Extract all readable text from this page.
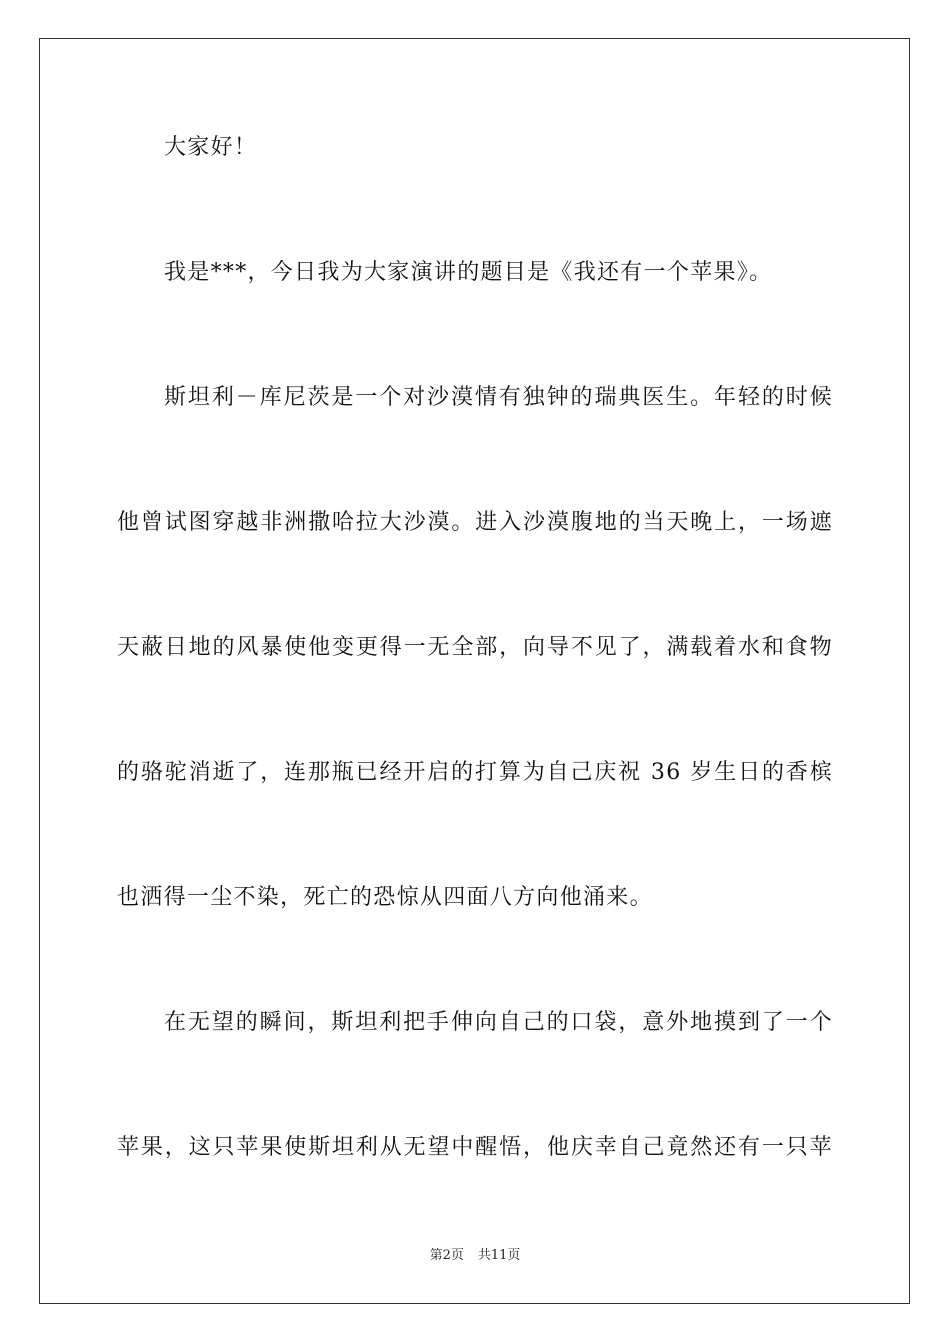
大家好！
我是***，今日我为大家演讲的题目是《我还有一个苹果》。
斯坦利－库尼茨是一个对沙漠情有独钟的瑞典医生。年轻的时候
他曾试图穿越非洲撒哈拉大沙漠。进入沙漠腹地的当天晚上，一场遮
天蔽日地的风暴使他变更得一无全部，向导不见了，满载着水和食物
的骆驼消逝了，连那瓶已经开启的打算为自己庆祝 36 岁生日的香槟
也洒得一尘不染，死亡的恐惊从四面八方向他涌来。
在无望的瞬间，斯坦利把手伸向自己的口袋，意外地摸到了一个
苹果，这只苹果使斯坦利从无望中醒悟，他庆幸自己竟然还有一只苹
第2页 共11页
